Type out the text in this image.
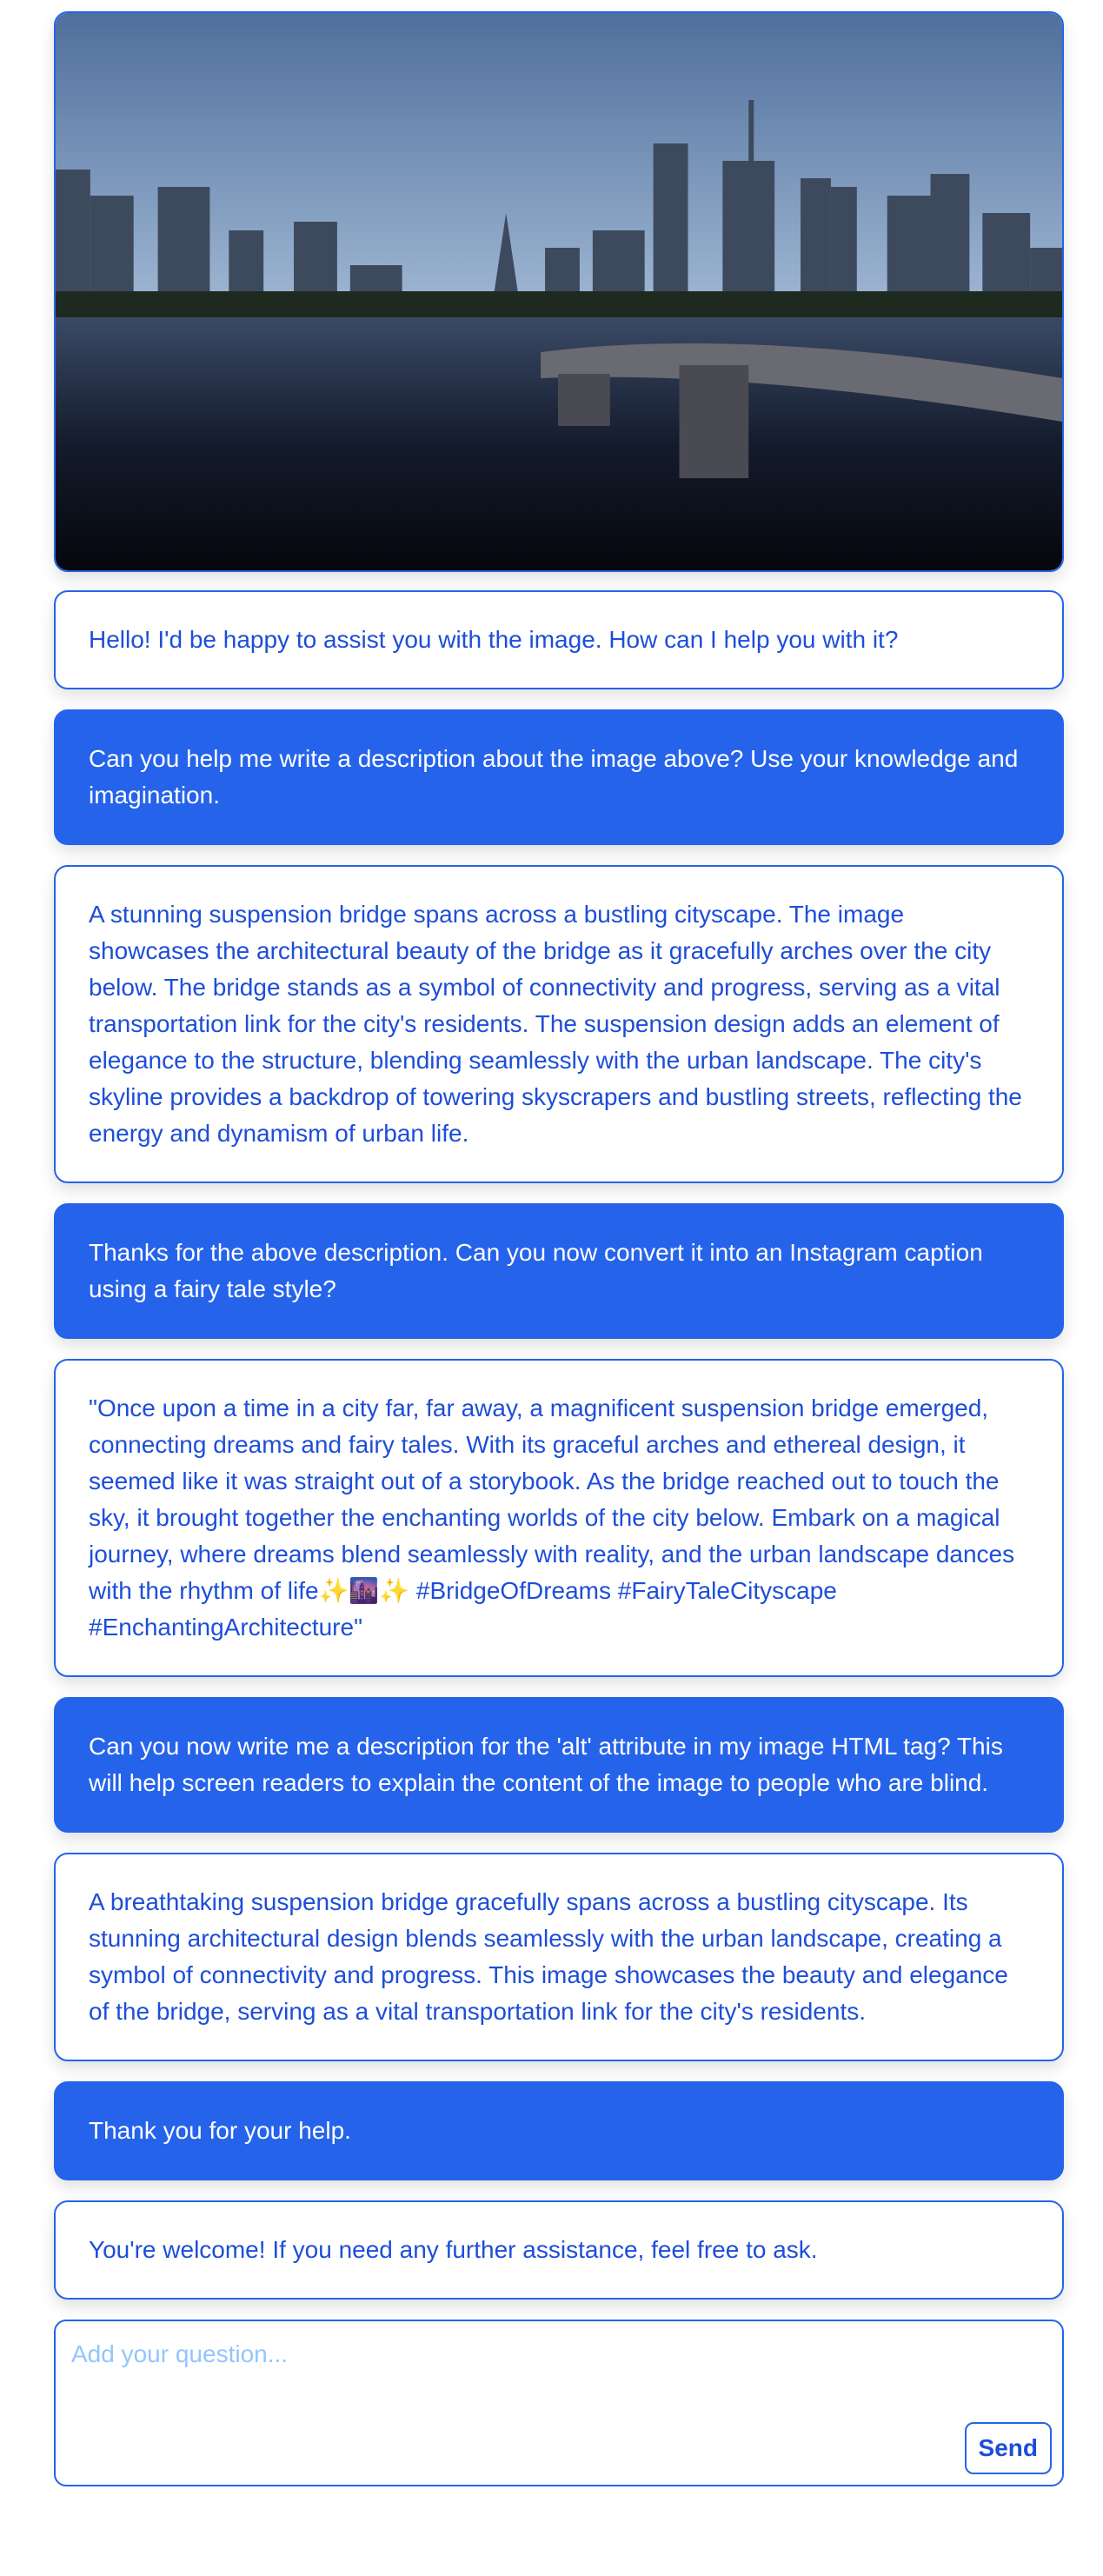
Hello! I'd be happy to assist you with the image. How can I help you with it?
Can you help me write a description about the image above? Use your knowledge and imagination.
A stunning suspension bridge spans across a bustling cityscape. The image showcases the architectural beauty of the bridge as it gracefully arches over the city below. The bridge stands as a symbol of connectivity and progress, serving as a vital transportation link for the city's residents. The suspension design adds an element of elegance to the structure, blending seamlessly with the urban landscape. The city's skyline provides a backdrop of towering skyscrapers and bustling streets, reflecting the energy and dynamism of urban life.
Thanks for the above description. Can you now convert it into an Instagram caption using a fairy tale style?
"Once upon a time in a city far, far away, a magnificent suspension bridge emerged, connecting dreams and fairy tales. With its graceful arches and ethereal design, it seemed like it was straight out of a storybook. As the bridge reached out to touch the sky, it brought together the enchanting worlds of the city below. Embark on a magical journey, where dreams blend seamlessly with reality, and the urban landscape dances with the rhythm of life✨🌆✨ #BridgeOfDreams #FairyTaleCityscape #EnchantingArchitecture"
Can you now write me a description for the 'alt' attribute in my image HTML tag? This will help screen readers to explain the content of the image to people who are blind.
A breathtaking suspension bridge gracefully spans across a bustling cityscape. Its stunning architectural design blends seamlessly with the urban landscape, creating a symbol of connectivity and progress. This image showcases the beauty and elegance of the bridge, serving as a vital transportation link for the city's residents.
Thank you for your help.
You're welcome! If you need any further assistance, feel free to ask.
Add your question...
Send
